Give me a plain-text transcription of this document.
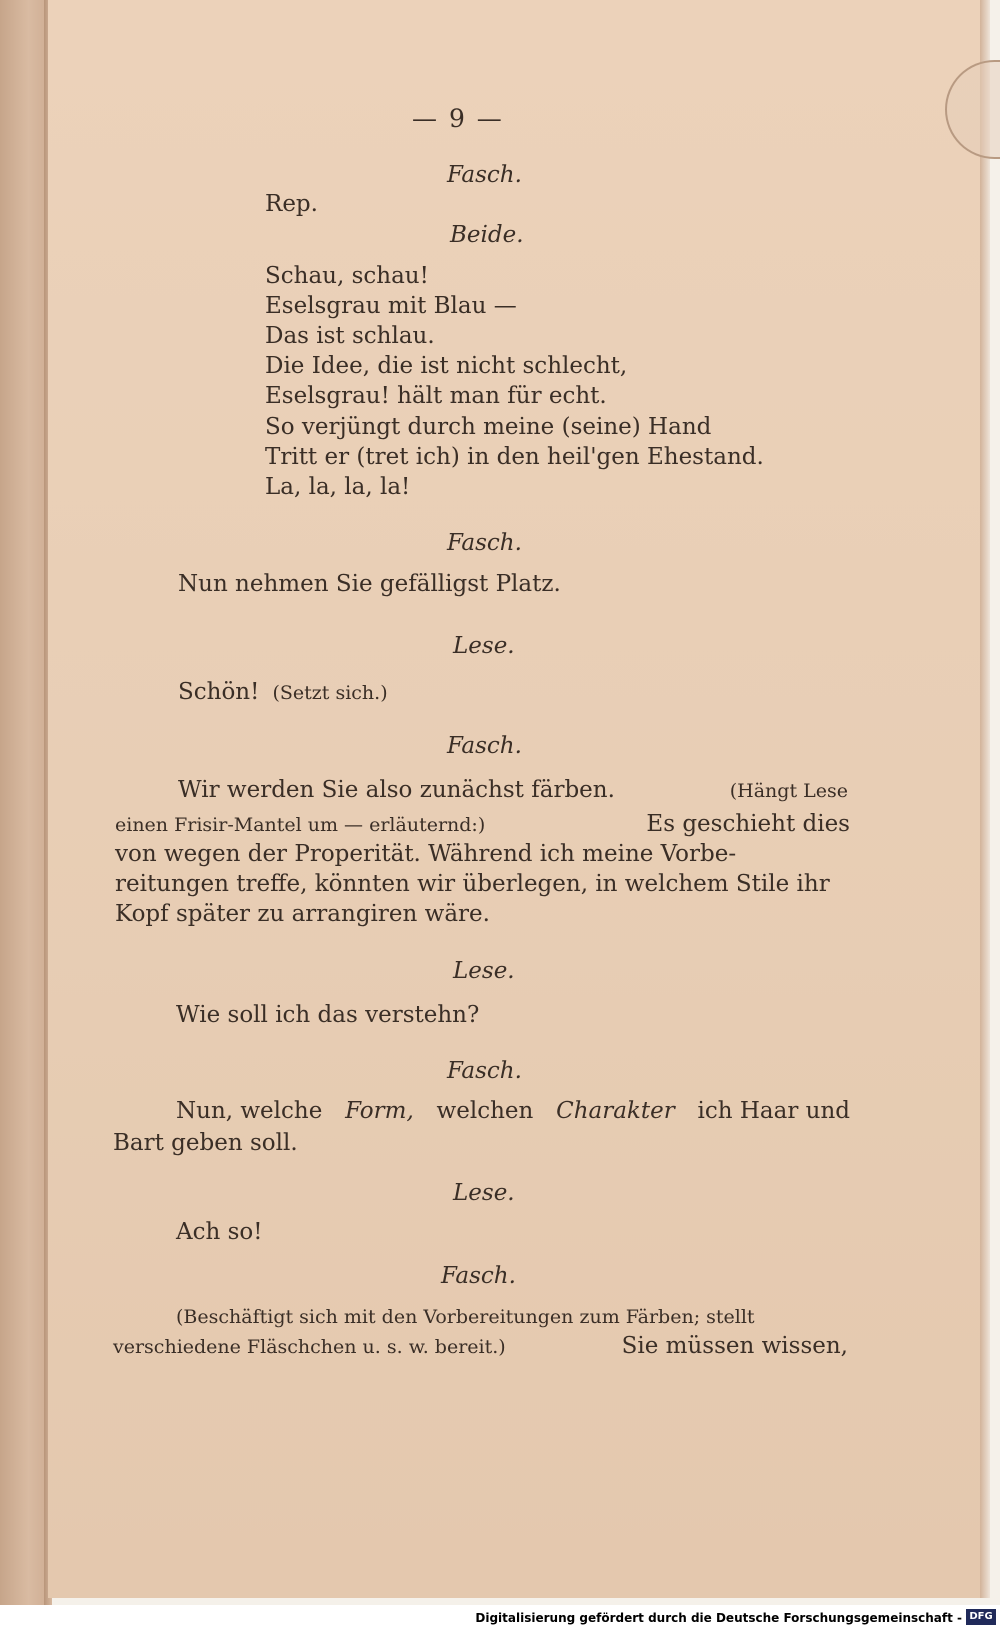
— 9 —
Fasch.
Rep.
Beide.
Schau, schau!
Eselsgrau mit Blau —
Das ist schlau.
Die Idee, die ist nicht schlecht,
Eselsgrau! hält man für echt.
So verjüngt durch meine (seine) Hand
Tritt er (tret ich) in den heil'gen Ehestand.
La, la, la, la!
Fasch.
Nun nehmen Sie gefälligst Platz.
Lese.
Schön! (Setzt sich.)
Fasch.
Wir werden Sie also zunächst färben.	(Hängt Lese
einen Frisir-Mantel um — erläuternd:)	Es geschieht dies
von wegen der Properität. Während ich meine Vorbe-
reitungen treffe, könnten wir überlegen, in welchem Stile ihr
Kopf später zu arrangiren wäre.
Lese.
Wie soll ich das verstehn?
Fasch.
Nun, welche Form, welchen Charakter ich Haar und
Bart geben soll.
Lese.
Ach so!
Fasch.
(Beschäftigt sich mit den Vorbereitungen zum Färben; stellt
verschiedene Fläschchen u. s. w. bereit.)	Sie müssen wissen,
Digitalisierung gefördert durch die Deutsche Forschungsgemeinschaft - DFG
